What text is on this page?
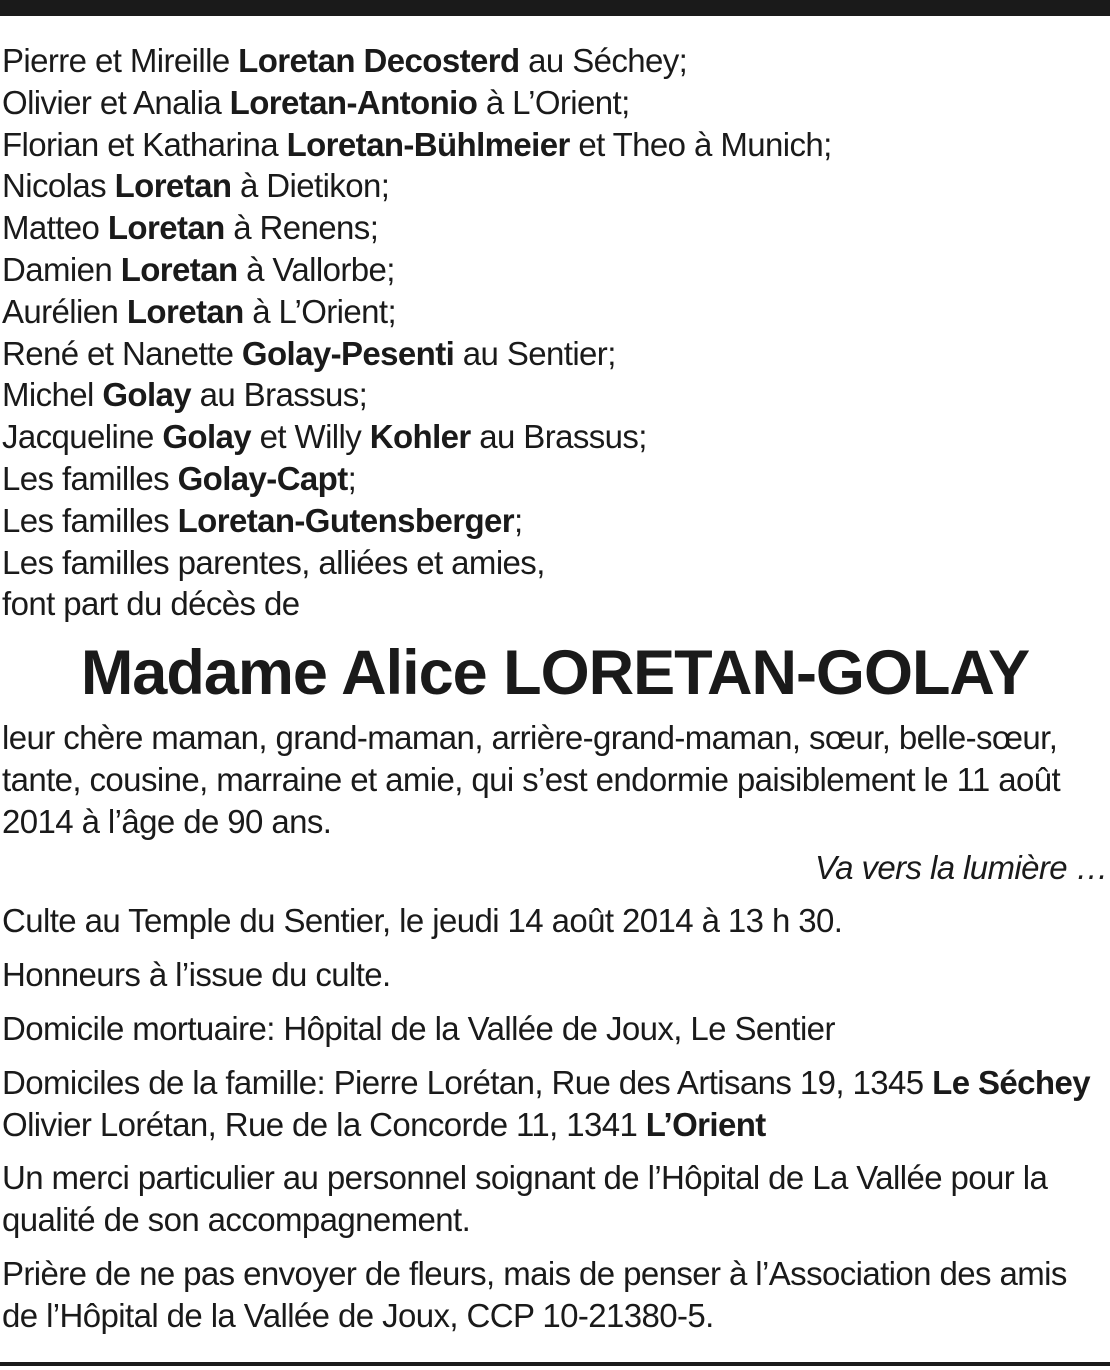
Pierre et Mireille Loretan Decosterd au Séchey;
Olivier et Analia Loretan-Antonio à L’Orient;
Florian et Katharina Loretan-Bühlmeier et Theo à Munich;
Nicolas Loretan à Dietikon;
Matteo Loretan à Renens;
Damien Loretan à Vallorbe;
Aurélien Loretan à L’Orient;
René et Nanette Golay-Pesenti au Sentier;
Michel Golay au Brassus;
Jacqueline Golay et Willy Kohler au Brassus;
Les familles Golay-Capt;
Les familles Loretan-Gutensberger;
Les familles parentes, alliées et amies,
font part du décès de
Madame Alice LORETAN-GOLAY

leur chère maman, grand-maman, arrière-grand-maman, sœur, belle-sœur, tante, cousine, marraine et amie, qui s’est endormie paisiblement le 11 août 2014 à l’âge de 90 ans.

Va vers la lumière …

Culte au Temple du Sentier, le jeudi 14 août 2014 à 13 h 30.

Honneurs à l’issue du culte.

Domicile mortuaire: Hôpital de la Vallée de Joux, Le Sentier

Domiciles de la famille: Pierre Lorétan, Rue des Artisans 19, 1345 Le Séchey
Olivier Lorétan, Rue de la Concorde 11, 1341 L’Orient

Un merci particulier au personnel soignant de l’Hôpital de La Vallée pour la qualité de son accompagnement.

Prière de ne pas envoyer de fleurs, mais de penser à l’Association des amis de l’Hôpital de la Vallée de Joux, CCP 10-21380-5.
